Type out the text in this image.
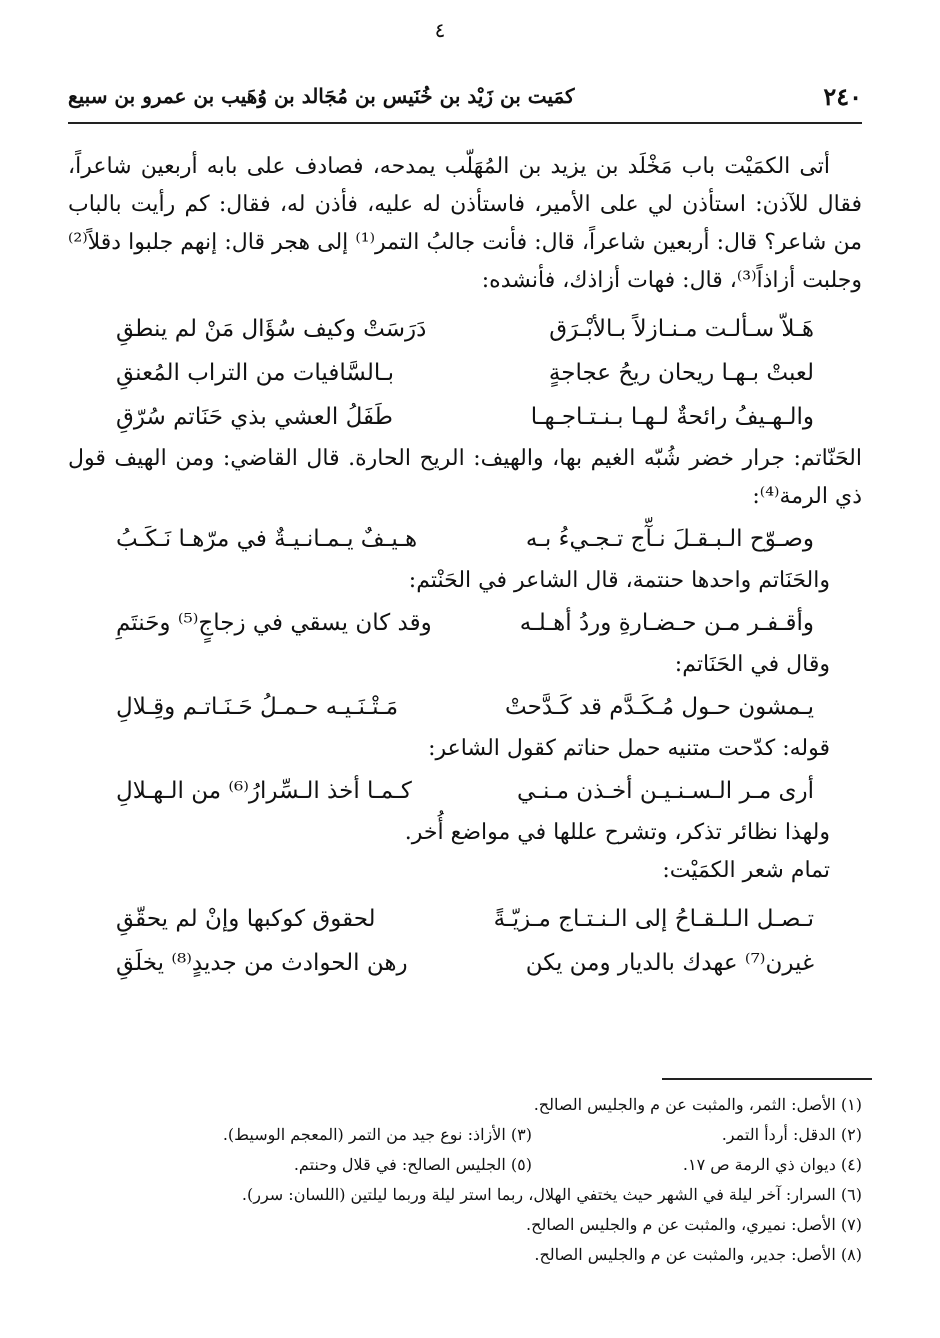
٤
٢٤٠
كمَيت بن زَيْد بن خُنَيس بن مُجَالد بن وُهَيب بن عمرو بن سبيع

أتى الكمَيْت باب مَخْلَد بن يزيد بن المُهَلّب يمدحه، فصادف على بابه أربعين شاعراً، فقال للآذن: استأذن لي على الأمير، فاستأذن له عليه، فأذن له، فقال: كم رأيت بالباب من شاعر؟ قال: أربعين شاعراً، قال: فأنت جالبُ التمر⁽¹⁾ إلى هجر قال: إنهم جلبوا دقلاً⁽²⁾ وجلبت أزاذاً⁽³⁾، قال: فهات أزاذك، فأنشده:

هَـلاّ سـألـت مـنـازلاً بـالأبْـرَق
دَرَسَتْ وكيف سُؤَال مَنْ لم ينطقِ
لعبتْ بـهـا ريحان ريحُ عجاجةٍ
بـالسَّافيات من التراب المُعنقِ
والـهـيفُ رائحةٌ لـهـا بـنـتـاجـهـا
طَفَلُ العشي بذي حَنَاتم سُرّقِ

الحَنّاتم: جرار خضر شُبّه الغيم بها، والهيف: الريح الحارة. قال القاضي: ومن الهيف قول ذي الرمة⁽⁴⁾:

وصـوّح الـبـقـلَ نـآّج تـجـيءُ بـه
هـيـفٌ يـمـانـيـةٌ في مرّهـا نَـكَـبُ

والحَنَاتم واحدها حنتمة، قال الشاعر في الحَنْتم:

وأقـفـر مـن حـضـارةِ وردُ أهـلـه
وقد كان يسقي في زجاجٍ⁽⁵⁾ وحَنتَمِ

وقال في الحَنَاتم:

يـمشون حـول مُـكَـدَّم قد كَـدَّحتْ
مَـتْـنَـيـه حـمـلُ حَـنَـاتـم وقِـلالِ

قوله: كدّحت متنيه حمل حناتم كقول الشاعر:

أرى مـر الـسـنـيـن أخـذن مـنـي
كـمـا أخذ الـسِّرارُ⁽⁶⁾ من الـهـلالِ

ولهذا نظائر تذكر، وتشرح عللها في مواضع أُخر.

تمام شعر الكمَيْت:

تـصـل الـلـقـاحُ إلى الـنـتـاج مـزيّـةً
لحقوق كوكبها وإنْ لم يحقّقِ
غيرن⁽⁷⁾ عهدك بالديار ومن يكن
رهن الحوادث من جديدٍ⁽⁸⁾ يخلَقِ
(١) الأصل: الثمر، والمثبت عن م والجليس الصالح.
(٢) الدقل: أردأ التمر.
(٣) الأزاذ: نوع جيد من التمر (المعجم الوسيط).
(٤) ديوان ذي الرمة ص ١٧.
(٥) الجليس الصالح: في قلال وحنتم.
(٦) السرار: آخر ليلة في الشهر حيث يختفي الهلال، ربما استر ليلة وربما ليلتين (اللسان: سرر).
(٧) الأصل: نميري، والمثبت عن م والجليس الصالح.
(٨) الأصل: جدير، والمثبت عن م والجليس الصالح.
